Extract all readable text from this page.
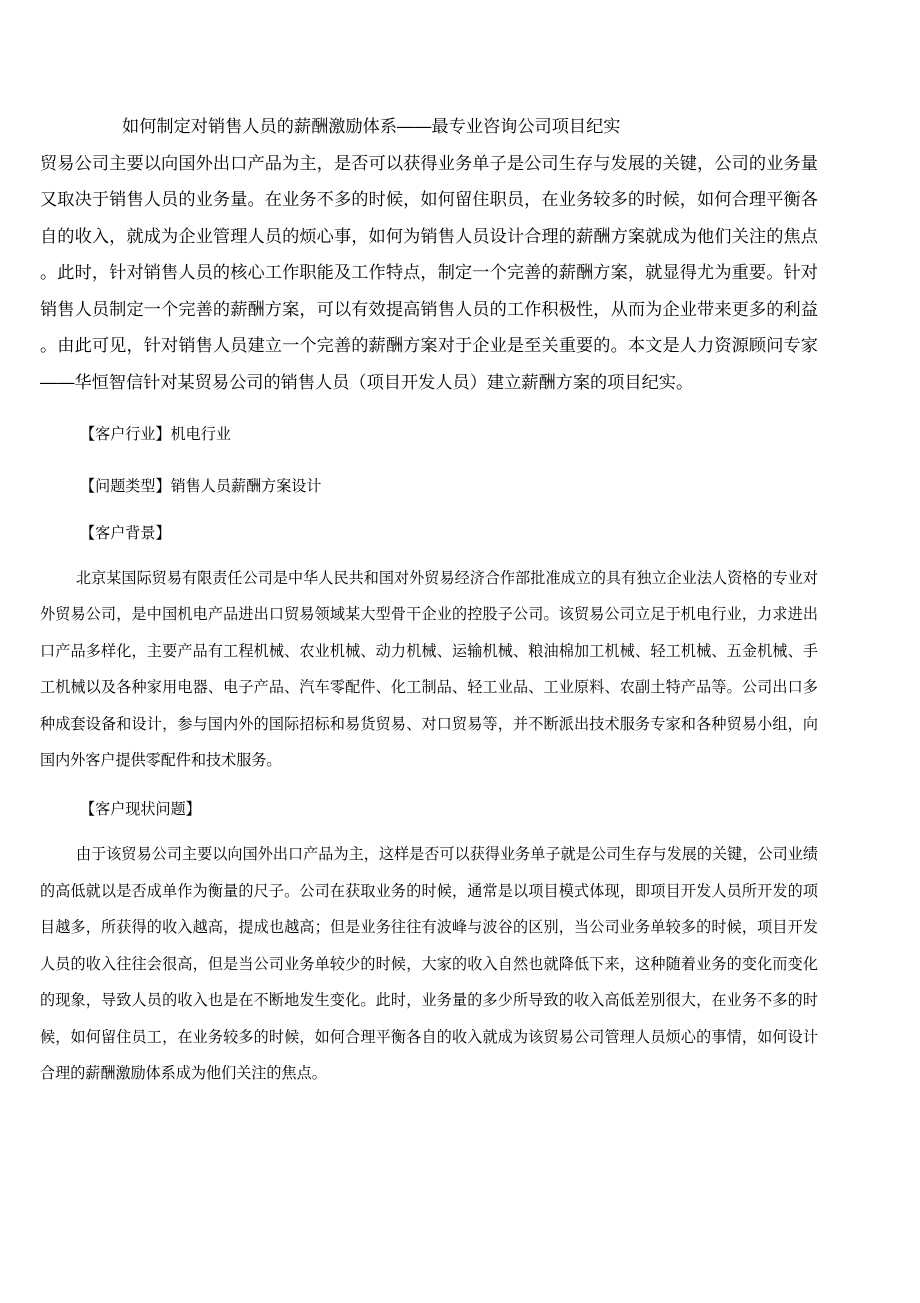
如何制定对销售人员的薪酬激励体系——最专业咨询公司项目纪实

贸易公司主要以向国外出口产品为主，是否可以获得业务单子是公司生存与发展的关键，公司的业务量又取决于销售人员的业务量。在业务不多的时候，如何留住职员，在业务较多的时候，如何合理平衡各自的收入，就成为企业管理人员的烦心事，如何为销售人员设计合理的薪酬方案就成为他们关注的焦点。此时，针对销售人员的核心工作职能及工作特点，制定一个完善的薪酬方案，就显得尤为重要。针对销售人员制定一个完善的薪酬方案，可以有效提高销售人员的工作积极性，从而为企业带来更多的利益。由此可见，针对销售人员建立一个完善的薪酬方案对于企业是至关重要的。本文是人力资源顾问专家——华恒智信针对某贸易公司的销售人员（项目开发人员）建立薪酬方案的项目纪实。

【客户行业】机电行业

【问题类型】销售人员薪酬方案设计

【客户背景】

北京某国际贸易有限责任公司是中华人民共和国对外贸易经济合作部批准成立的具有独立企业法人资格的专业对外贸易公司，是中国机电产品进出口贸易领域某大型骨干企业的控股子公司。该贸易公司立足于机电行业，力求进出口产品多样化，主要产品有工程机械、农业机械、动力机械、运输机械、粮油棉加工机械、轻工机械、五金机械、手工机械以及各种家用电器、电子产品、汽车零配件、化工制品、轻工业品、工业原料、农副土特产品等。公司出口多种成套设备和设计，参与国内外的国际招标和易货贸易、对口贸易等，并不断派出技术服务专家和各种贸易小组，向国内外客户提供零配件和技术服务。

【客户现状问题】

由于该贸易公司主要以向国外出口产品为主，这样是否可以获得业务单子就是公司生存与发展的关键，公司业绩的高低就以是否成单作为衡量的尺子。公司在获取业务的时候，通常是以项目模式体现，即项目开发人员所开发的项目越多，所获得的收入越高，提成也越高；但是业务往往有波峰与波谷的区别，当公司业务单较多的时候，项目开发人员的收入往往会很高，但是当公司业务单较少的时候，大家的收入自然也就降低下来，这种随着业务的变化而变化的现象，导致人员的收入也是在不断地发生变化。此时，业务量的多少所导致的收入高低差别很大，在业务不多的时候，如何留住员工，在业务较多的时候，如何合理平衡各自的收入就成为该贸易公司管理人员烦心的事情，如何设计合理的薪酬激励体系成为他们关注的焦点。
